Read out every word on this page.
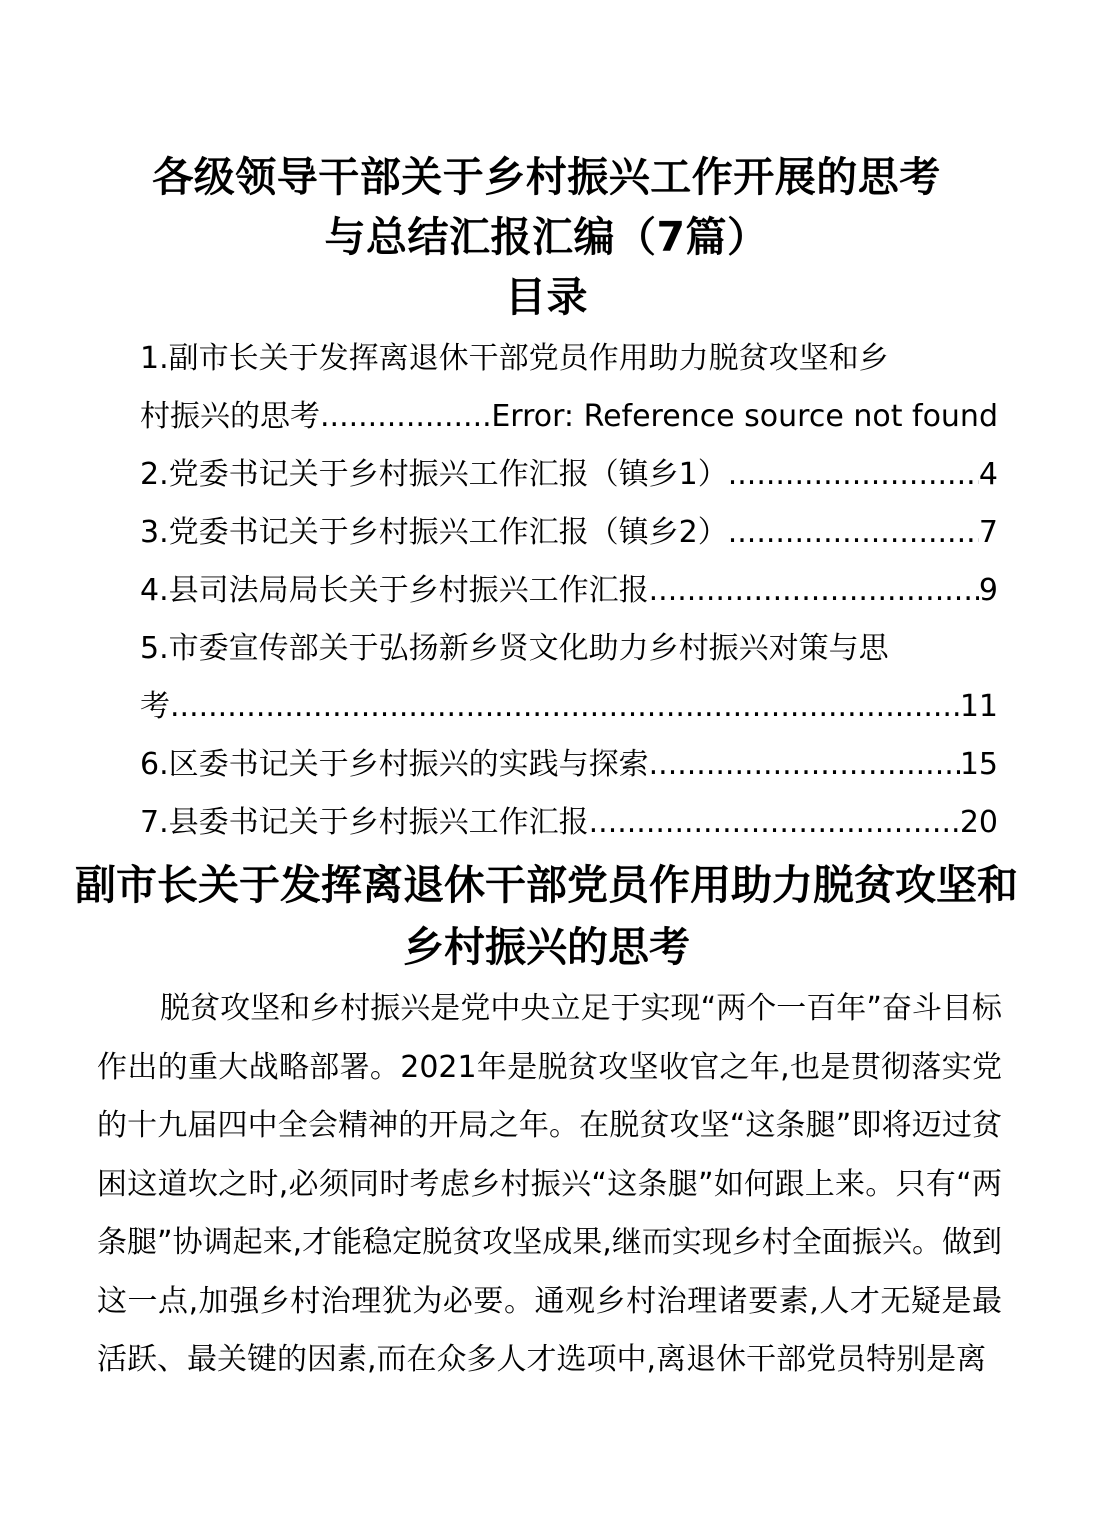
各级领导干部关于乡村振兴工作开展的思考
与总结汇报汇编（7篇）
目录
1.副市长关于发挥离退休干部党员作用助力脱贫攻坚和乡
村振兴的思考 .....	Error: Reference source not found
2.党委书记关于乡村振兴工作汇报（镇乡1） .....	4
3.党委书记关于乡村振兴工作汇报（镇乡2） .....	7
4.县司法局局长关于乡村振兴工作汇报 .....	9
5.市委宣传部关于弘扬新乡贤文化助力乡村振兴对策与思
考 .....	11
6.区委书记关于乡村振兴的实践与探索 .....	15
7.县委书记关于乡村振兴工作汇报 .....	20
副市长关于发挥离退休干部党员作用助力脱贫攻坚和乡村振兴的思考

脱贫攻坚和乡村振兴是党中央立足于实现“两个一百年”奋斗目标作出的重大战略部署。2021年是脱贫攻坚收官之年,也是贯彻落实党的十九届四中全会精神的开局之年。在脱贫攻坚“这条腿”即将迈过贫困这道坎之时,必须同时考虑乡村振兴“这条腿”如何跟上来。只有“两条腿”协调起来,才能稳定脱贫攻坚成果,继而实现乡村全面振兴。做到这一点,加强乡村治理犹为必要。通观乡村治理诸要素,人才无疑是最活跃、最关键的因素,而在众多人才选项中,离退休干部党员特别是离
